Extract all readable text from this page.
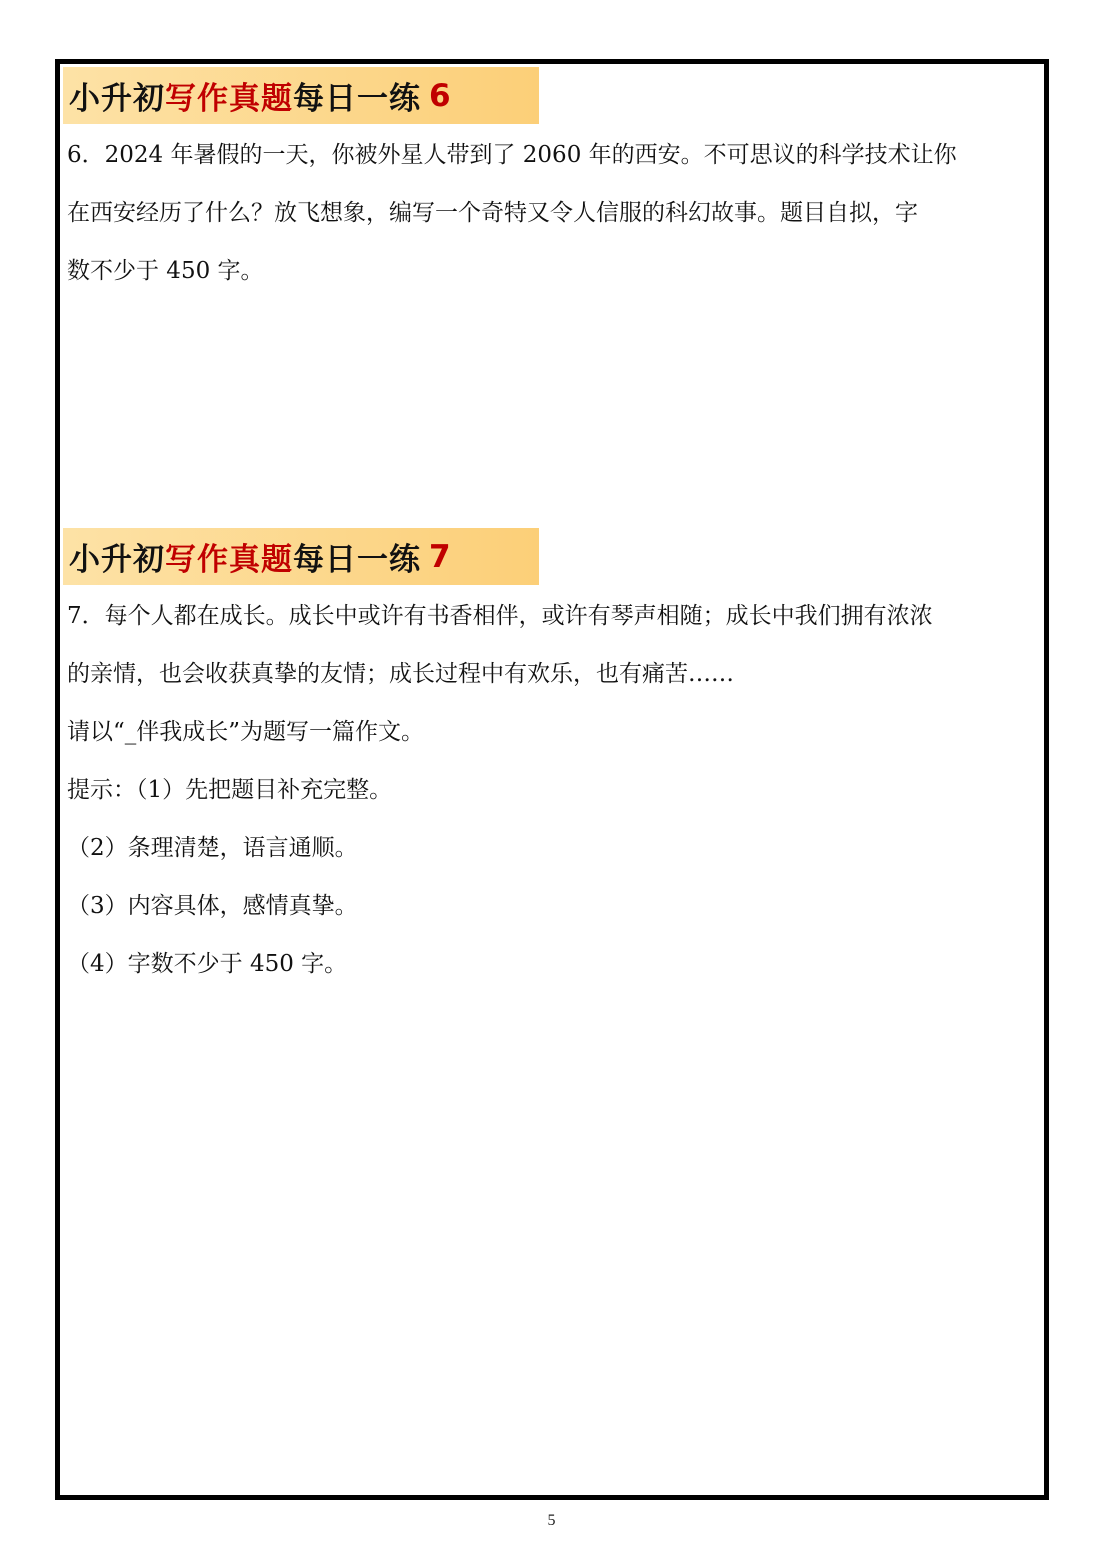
小升初 写作真题 每日一练 6
6．2024 年暑假的一天，你被外星人带到了 2060 年的西安。不可思议的科学技术让你
在西安经历了什么？放飞想象，编写一个奇特又令人信服的科幻故事。题目自拟，字
数不少于 450 字。
小升初 写作真题 每日一练 7
7．每个人都在成长。成长中或许有书香相伴，或许有琴声相随；成长中我们拥有浓浓
的亲情，也会收获真挚的友情；成长过程中有欢乐，也有痛苦……
请以“_伴我成长”为题写一篇作文。
提示：（1）先把题目补充完整。
（2）条理清楚，语言通顺。
（3）内容具体，感情真挚。
（4）字数不少于 450 字。
5
